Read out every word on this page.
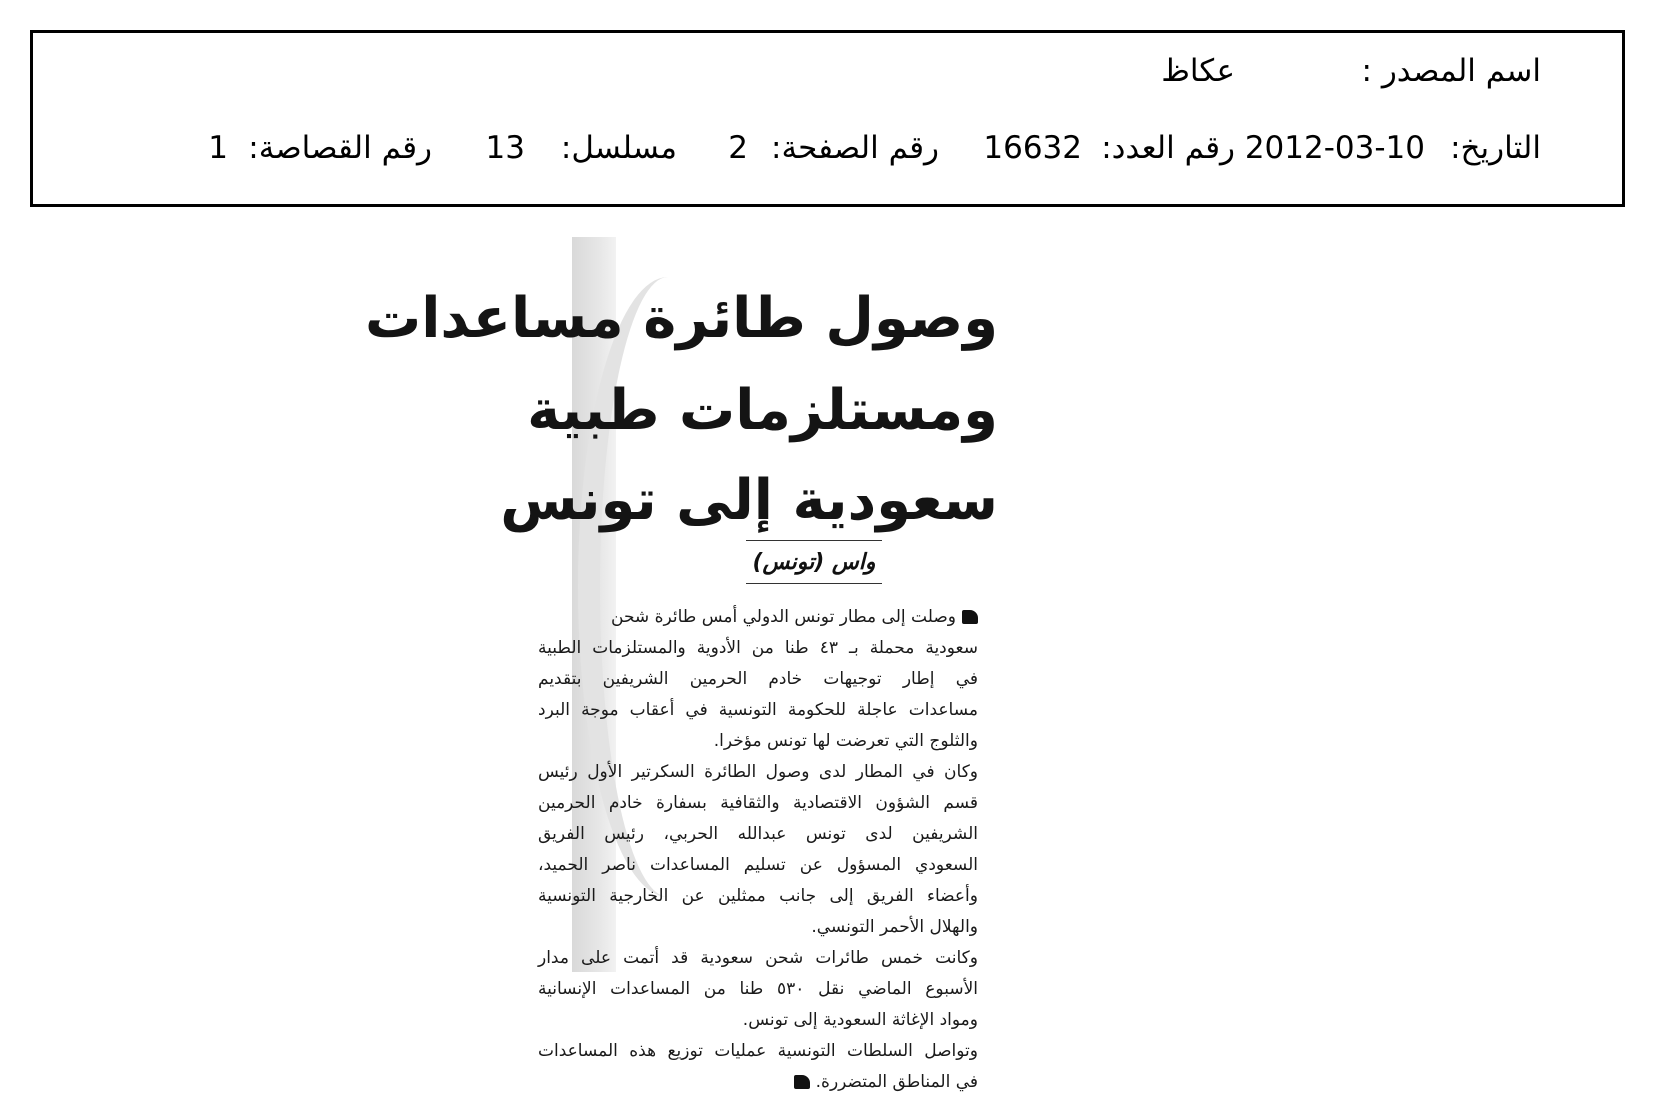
اسم المصدر :
عكاظ
التاريخ:
2012-03-10
رقم العدد:
16632
رقم الصفحة:
2
مسلسل:
13
رقم القصاصة:
1
وصول طائرة مساعدات
ومستلزمات طبية
سعودية إلى تونس
واس (تونس)
وصلت إلى مطار تونس الدولي أمس طائرة شحن
سعودية محملة بـ ٤٣ طنا من الأدوية والمستلزمات الطبية
في إطار توجيهات خادم الحرمين الشريفين بتقديم
مساعدات عاجلة للحكومة التونسية في أعقاب موجة البرد
والثلوج التي تعرضت لها تونس مؤخرا.
وكان في المطار لدى وصول الطائرة السكرتير الأول رئيس
قسم الشؤون الاقتصادية والثقافية بسفارة خادم الحرمين
الشريفين لدى تونس عبدالله الحربي، رئيس الفريق
السعودي المسؤول عن تسليم المساعدات ناصر الحميد،
وأعضاء الفريق إلى جانب ممثلين عن الخارجية التونسية
والهلال الأحمر التونسي.
وكانت خمس طائرات شحن سعودية قد أتمت على مدار
الأسبوع الماضي نقل ٥٣٠ طنا من المساعدات الإنسانية
ومواد الإغاثة السعودية إلى تونس.
وتواصل السلطات التونسية عمليات توزيع هذه المساعدات
في المناطق المتضررة.
